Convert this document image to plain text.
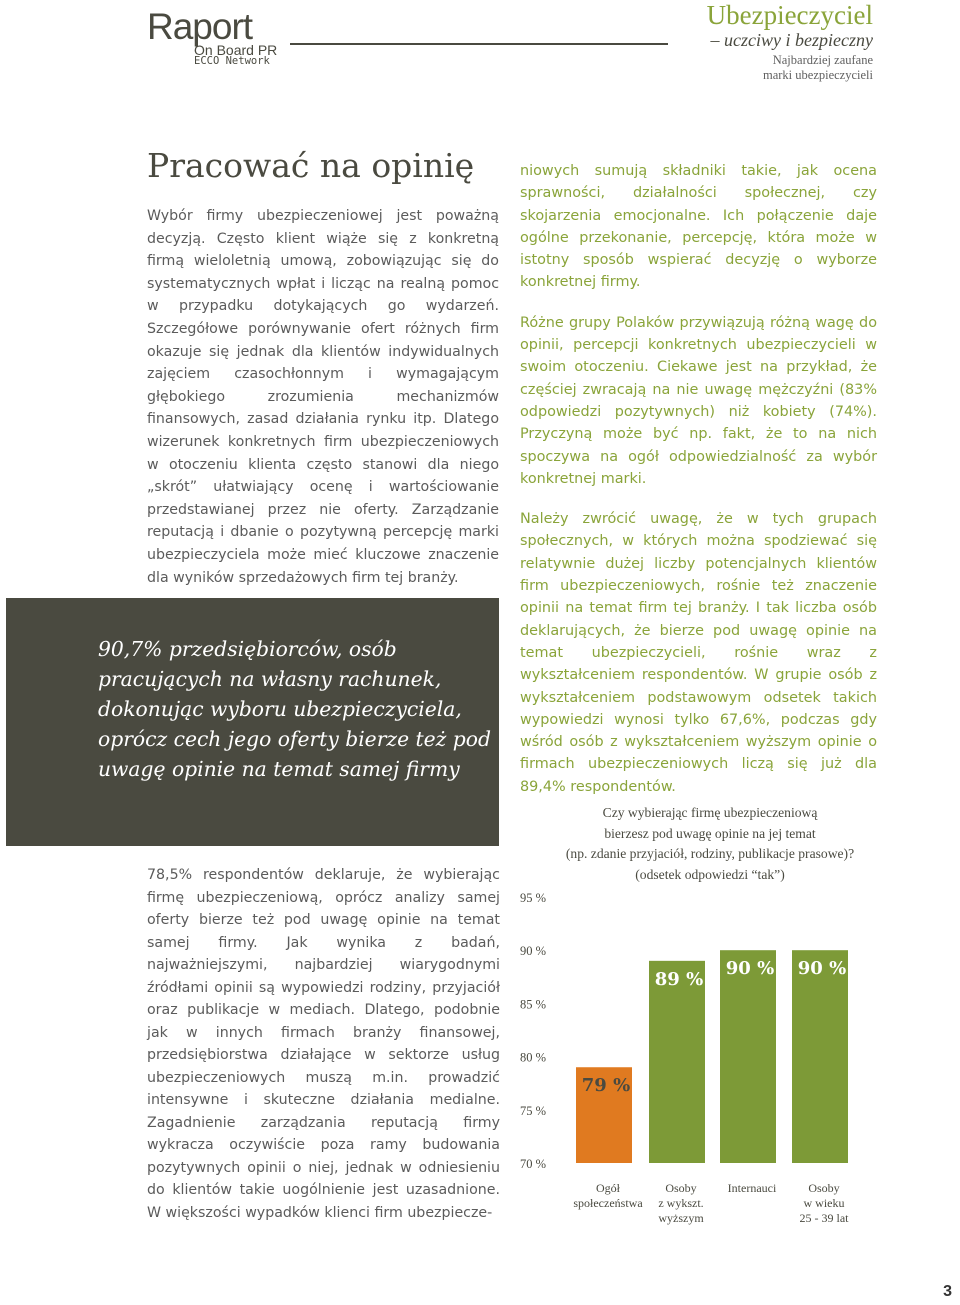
Raport
On Board PR
ECCO Network
Ubezpieczyciel
– uczciwy i bezpieczny
Najbardziej zaufane
marki ubezpieczycieli
Pracować na opinię

Wybór firmy ubezpieczeniowej jest poważną decyzją. Często klient wiąże się z konkretną firmą wieloletnią umową, zobowiązując się do systematycznych wpłat i licząc na realną pomoc w przypadku dotykających go wydarzeń. Szczegółowe porównywanie ofert różnych firm okazuje się jednak dla klientów indywidualnych zajęciem czasochłonnym i wymagającym głębokiego zrozumienia mechanizmów finansowych, zasad działania rynku itp. Dlatego wizerunek konkretnych firm ubezpieczeniowych w otoczeniu klienta często stanowi dla niego „skrót” ułatwiający ocenę i wartościowanie przedstawianej przez nie oferty. Zarządzanie reputacją i dbanie o pozytywną percepcję marki ubezpieczyciela może mieć kluczowe znaczenie dla wyników sprzedażowych firm tej branży.

90,7% przedsiębiorców, osób pracujących na własny rachunek, dokonując wyboru ubezpieczyciela, oprócz cech jego oferty bierze też pod uwagę opinie na temat samej firmy

78,5% respondentów deklaruje, że wybierając firmę ubezpieczeniową, oprócz analizy samej oferty bierze też pod uwagę opinie na temat samej firmy. Jak wynika z badań, najważniejszymi, najbardziej wiarygodnymi źródłami opinii są wypowiedzi rodziny, przyjaciół oraz publikacje w mediach. Dlatego, podobnie jak w innych firmach branży finansowej, przedsiębiorstwa działające w sektorze usług ubezpieczeniowych muszą m.in. prowadzić intensywne i skuteczne działania medialne. Zagadnienie zarządzania reputacją firmy wykracza oczywiście poza ramy budowania pozytywnych opinii o niej, jednak w odniesieniu do klientów takie uogólnienie jest uzasadnione. W większości wypadków klienci firm ubezpiecze-

niowych sumują składniki takie, jak ocena sprawności, działalności społecznej, czy skojarzenia emocjonalne. Ich połączenie daje ogólne przekonanie, percepcję, która może w istotny sposób wspierać decyzję o wyborze konkretnej firmy.

Różne grupy Polaków przywiązują różną wagę do opinii, percepcji konkretnych ubezpieczycieli w swoim otoczeniu. Ciekawe jest na przykład, że częściej zwracają na nie uwagę mężczyźni (83% odpowiedzi pozytywnych) niż kobiety (74%). Przyczyną może być np. fakt, że to na nich spoczywa na ogół odpowiedzialność za wybór konkretnej marki.

Należy zwrócić uwagę, że w tych grupach społecznych, w których można spodziewać się relatywnie dużej liczby potencjalnych klientów firm ubezpieczeniowych, rośnie też znaczenie opinii na temat firm tej branży. I tak liczba osób deklarujących, że bierze pod uwagę opinie na temat ubezpieczycieli, rośnie wraz z wykształceniem respondentów. W grupie osób z wykształceniem podstawowym odsetek takich wypowiedzi wynosi tylko 67,6%, podczas gdy wśród osób z wykształceniem wyższym opinie o firmach ubezpieczeniowych liczą się już dla 89,4% respondentów.

Czy wybierając firmę ubezpieczeniową
bierzesz pod uwagę opinie na jej temat
(np. zdanie przyjaciół, rodziny, publikacje prasowe)?
(odsetek odpowiedzi “tak”)
95 %
90 %
85 %
80 %
75 %
70 %
79 %
Ogół
społeczeństwa
89 %
Osoby
z wykszt.
wyższym
90 %
Internauci
90 %
Osoby
w wieku
25 - 39 lat
3
